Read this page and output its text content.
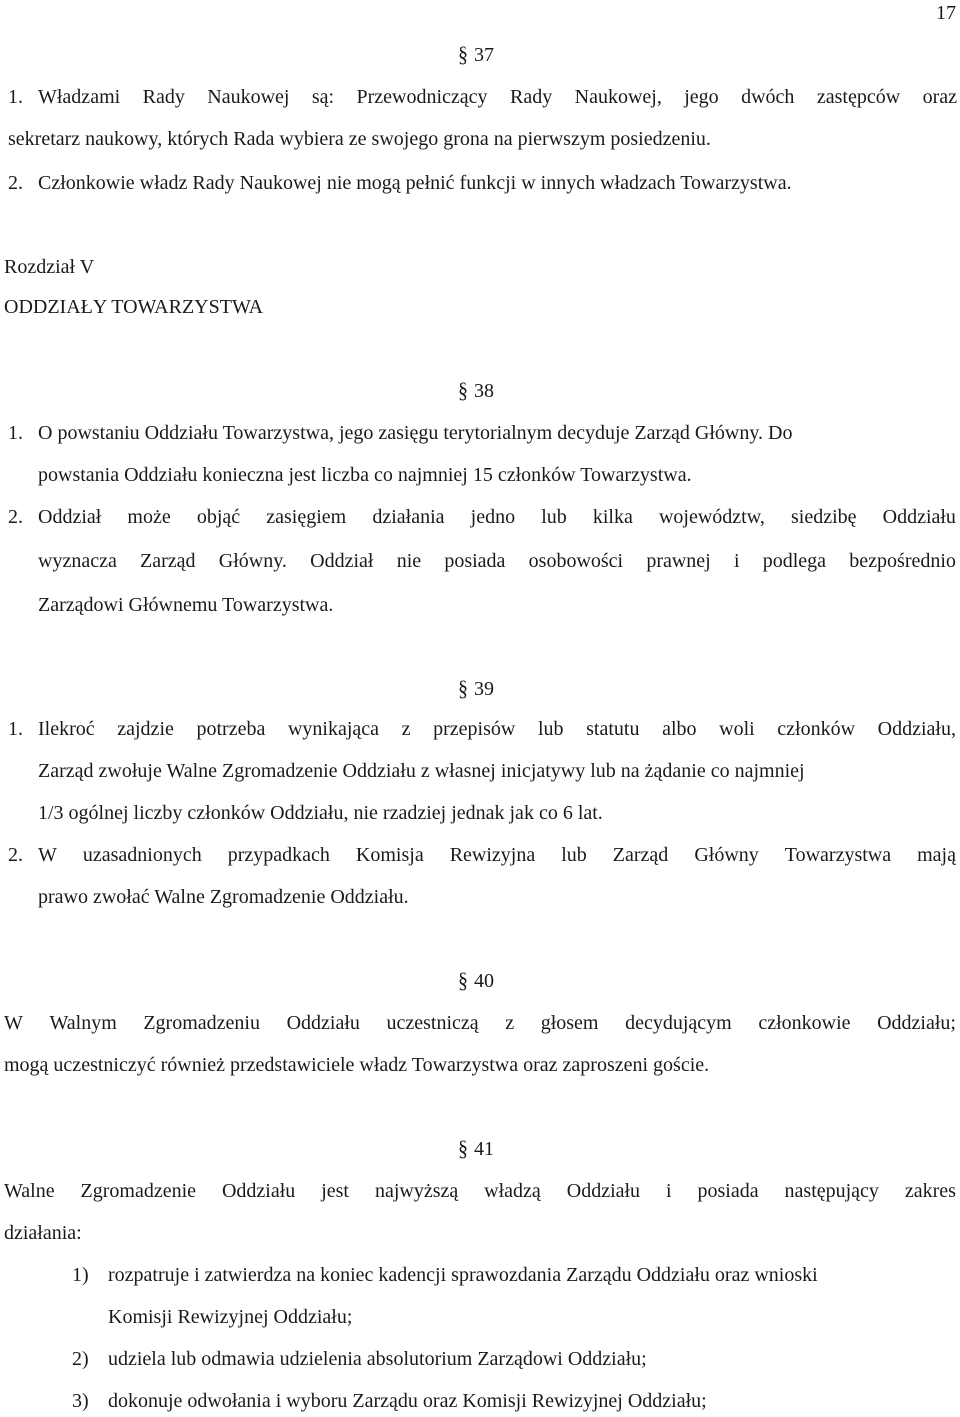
17
§ 37
1. Władzami Rady Naukowej są: Przewodniczący Rady Naukowej, jego dwóch zastępców oraz
sekretarz naukowy, których Rada wybiera ze swojego grona na pierwszym posiedzeniu.
2. Członkowie władz Rady Naukowej nie mogą pełnić funkcji w innych władzach Towarzystwa.
Rozdział V
ODDZIAŁY TOWARZYSTWA
§ 38
1. O powstaniu Oddziału Towarzystwa, jego zasięgu terytorialnym decyduje Zarząd Główny. Do
powstania Oddziału konieczna jest liczba co najmniej 15 członków Towarzystwa.
2. Oddział może objąć zasięgiem działania jedno lub kilka województw, siedzibę Oddziału
wyznacza Zarząd Główny. Oddział nie posiada osobowości prawnej i podlega bezpośrednio
Zarządowi Głównemu Towarzystwa.
§ 39
1. Ilekroć zajdzie potrzeba wynikająca z przepisów lub statutu albo woli członków Oddziału,
Zarząd zwołuje Walne Zgromadzenie Oddziału z własnej inicjatywy lub na żądanie co najmniej
1/3 ogólnej liczby członków Oddziału, nie rzadziej jednak jak co 6 lat.
2. W uzasadnionych przypadkach Komisja Rewizyjna lub Zarząd Główny Towarzystwa mają
prawo zwołać Walne Zgromadzenie Oddziału.
§ 40
W Walnym Zgromadzeniu Oddziału uczestniczą z głosem decydującym członkowie Oddziału;
mogą uczestniczyć również przedstawiciele władz Towarzystwa oraz zaproszeni goście.
§ 41
Walne Zgromadzenie Oddziału jest najwyższą władzą Oddziału i posiada następujący zakres
działania:
1) rozpatruje i zatwierdza na koniec kadencji sprawozdania Zarządu Oddziału oraz wnioski
Komisji Rewizyjnej Oddziału;
2) udziela lub odmawia udzielenia absolutorium Zarządowi Oddziału;
3) dokonuje odwołania i wyboru Zarządu oraz Komisji Rewizyjnej Oddziału;
